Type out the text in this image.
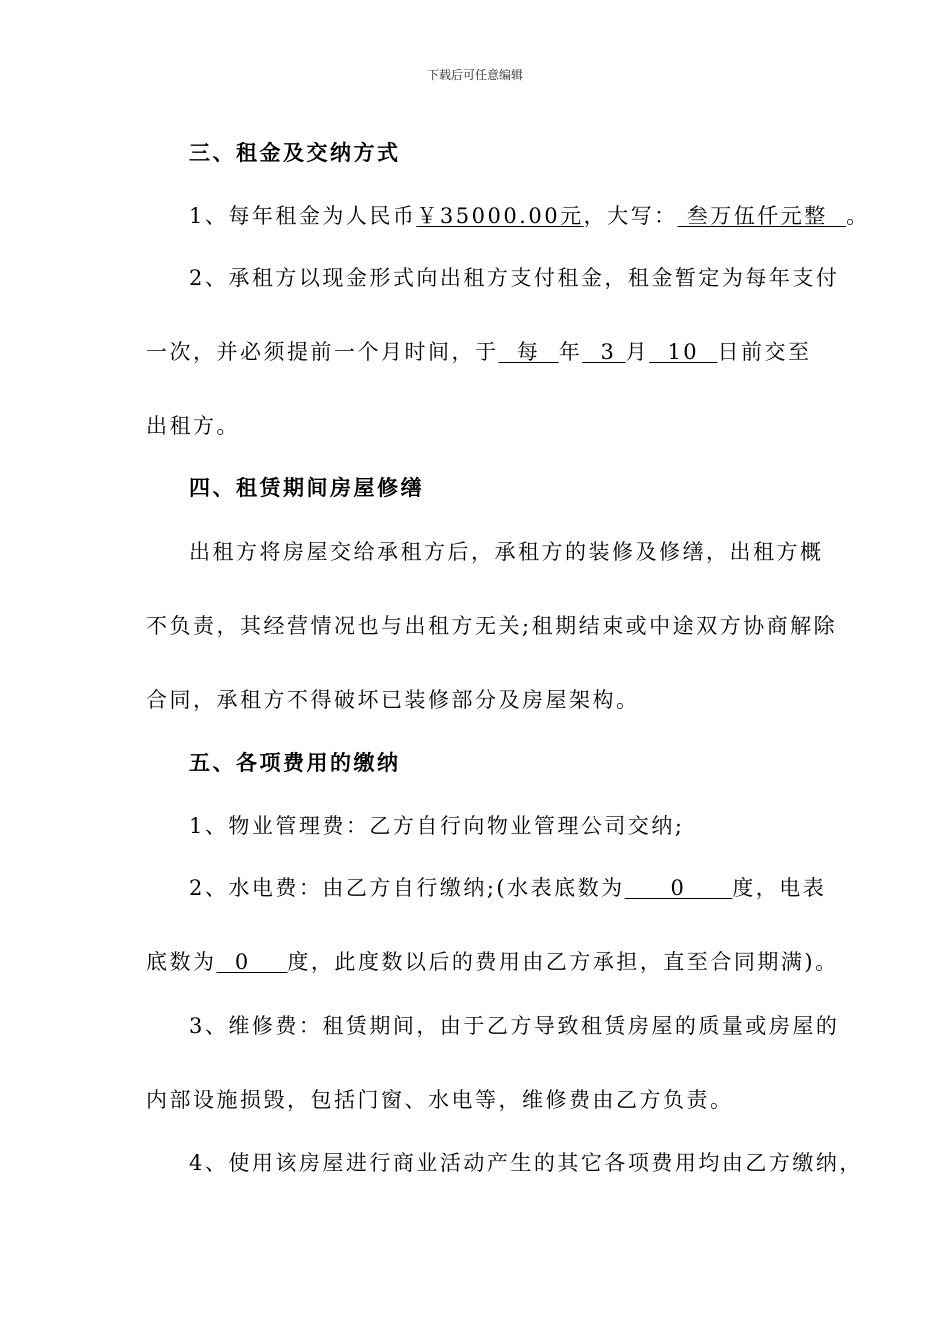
下载后可任意编辑
三、租金及交纳方式
1、每年租金为人民币￥35000.00元，大写： 叁万伍仟元整  。
2、承租方以现金形式向出租方支付租金，租金暂定为每年支付
一次，并必须提前一个月时间，于  每  年  3 月  10  日前交至
出租方。
四、租赁期间房屋修缮
出租方将房屋交给承租方后，承租方的装修及修缮，出租方概
不负责，其经营情况也与出租方无关;租期结束或中途双方协商解除
合同，承租方不得破坏已装修部分及房屋架构。
五、各项费用的缴纳
1、物业管理费：乙方自行向物业管理公司交纳;
2、水电费：由乙方自行缴纳;(水表底数为     0     度，电表
底数为  0    度，此度数以后的费用由乙方承担，直至合同期满)。
3、维修费：租赁期间，由于乙方导致租赁房屋的质量或房屋的
内部设施损毁，包括门窗、水电等，维修费由乙方负责。
4、使用该房屋进行商业活动产生的其它各项费用均由乙方缴纳，
